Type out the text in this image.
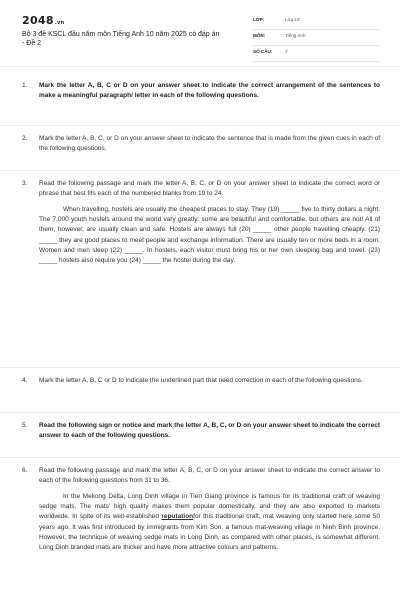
2048.vn
Bộ 3 đề KSCL đầu năm môn Tiếng Anh 10 năm 2025 có đáp án - Đề 2
LỚP:	Lớp 10
MÔN:	Tiếng Anh
SỐ CÂU:	7
1. Mark the letter A, B, C or D on your answer sheet to indicate the correct arrangement of the sentences to make a meaningful paragraph/ letter in each of the following questions.
2. Mark the letter A, B, C, or D on your answer sheet to indicate the sentence that is made from the given cues in each of the following questions.
3. Read the following passage and mark the letter A, B, C, or D on your answer sheet to indicate the correct word or phrase that best fits each of the numbered blanks from 19 to 24.
When travelling, hostels are usually the cheapest places to stay. They (19) _____ five to thirty dollars a night. The 7,000 youth hostels around the world vary greatly: some are beautiful and comfortable, but others are not! All of them, however, are usually clean and safe. Hostels are always full (20) _____ other people travelling cheaply. (21) _____ they are good places to meet people and exchange information. There are usually ten or more beds in a room. Women and men sleep (22) _____. In hostels, each visitor must bring his or her own sleeping bag and towel. (23) _____ hostels also require you (24) _____ the hostel during the day.
4. Mark the letter A, B, C or D to indicate the underlined part that need correction in each of the following questions.
5. Read the following sign or notice and mark the letter A, B, C, or D on your answer sheet to indicate the correct answer to each of the following questions.
6. Read the following passage and mark the letter A, B, C, or D on your answer sheet to indicate the correct answer to each of the following questions from 31 to 36.
In the Mekong Delta, Long Dinh village in Tien Giang province is famous for its traditional craft of weaving sedge mats. The mats' high quality makes them popular domestically, and they are also exported to markets worldwide. In spite of its well-established reputationfor this traditional craft, mat weaving only started here some 50 years ago. It was first introduced by immigrants from Kim Son, a famous mat-weaving village in Ninh Binh province. However, the technique of weaving sedge mats in Long Dinh, as compared with other places, is somewhat different. Long Dinh branded mats are thicker and have more attractive colours and patterns.
